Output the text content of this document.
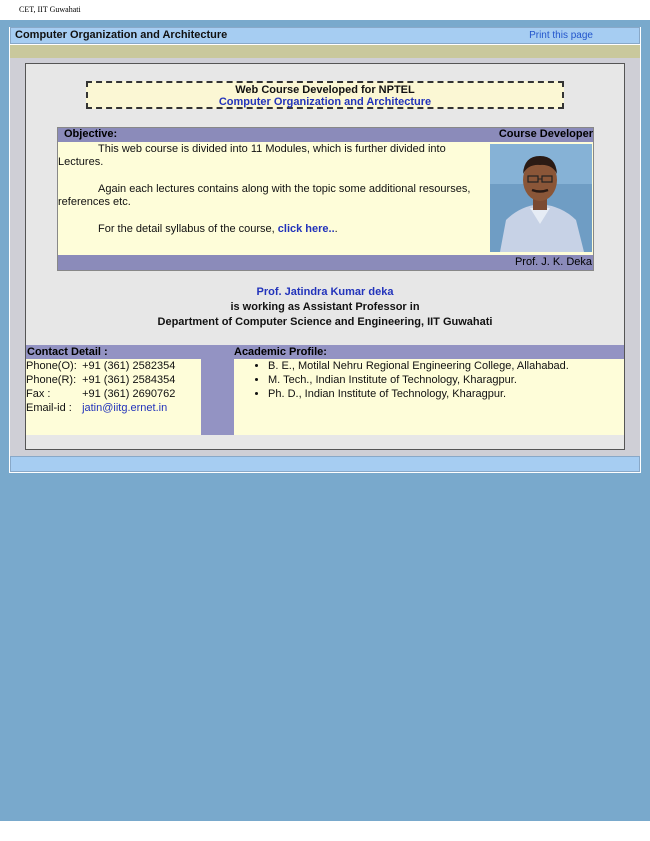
CET, IIT Guwahati
Computer Organization and Architecture	Print this page
Web Course Developed for NPTEL
Computer Organization and Architecture
Objective:	Course Developer

This web course is divided into 11 Modules, which is further divided into Lectures.

Again each lectures contains along with the topic some additional resourses, references etc.

For the detail syllabus of the course, click here...

Prof. J. K. Deka
Prof. Jatindra Kumar deka
is working as Assistant Professor in
Department of Computer Science and Engineering, IIT Guwahati
Contact Detail :	Academic Profile:
Phone(O): +91 (361) 2582354
Phone(R): +91 (361) 2584354
Fax :	+91 (361) 2690762
Email-id : jatin@iitg.ernet.in
• B. E., Motilal Nehru Regional Engineering College, Allahabad.
• M. Tech., Indian Institute of Technology, Kharagpur.
• Ph. D., Indian Institute of Technology, Kharagpur.
